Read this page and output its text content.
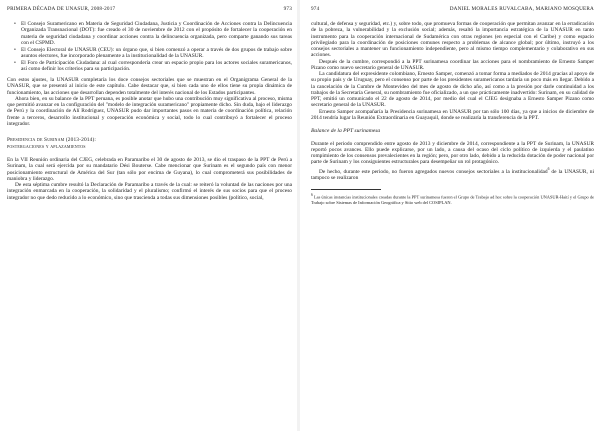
PRIMERA DÉCADA DE UNASUR, 2008-2017	973
• El Consejo Suramericano en Materia de Seguridad Ciudadana, Justicia y Coordinación de Acciones contra la Delincuencia Organizada Transnacional (DOT): fue creado el 30 de noviembre de 2012 con el propósito de fortalecer la cooperación en materia de seguridad ciudadana y coordinar acciones contra la delincuencia organizada, pero comparte ganando sus tareas con el CSPMD.
• El Consejo Electoral de UNASUR (CEU): un órgano que, si bien comenzó a operar a través de dos grupos de trabajo sobre asuntos electores, fue incorporado plenamente a la institucionalidad de la UNASUR.
• El Foro de Participación Ciudadana: al cual correspondería crear un espacio propio para los actores sociales suramericanos, así como definir los criterios para su participación.

Con estos ajustes, la UNASUR completaría los doce consejos sectoriales que se muestran en el Organigrama General de la UNASUR, que se presentó al inicio de este capítulo. Cabe destacar que, si bien cada uno de ellos tiene su propia dinámica de funcionamiento, las acciones que desarrollan dependen totalmente del interés nacional de los Estados participantes.

Ahora bien, en su balance de la PPT peruana, es posible anotar que hubo una contribución muy significativa al proceso, misma que permitió avanzar en la configuración del "modelo de integración suramericano" propiamente dicho. Sin duda, bajo el liderazgo de Perú y la coordinación de Alí Rodríguez, UNASUR pudo dar importantes pasos en materia de coordinación política, relación frente a terceros, desarrollo institucional y cooperación económica y social, todo lo cual contribuyó a fortalecer el proceso integrador.

Presidencia de Surinam (2013-2014):
postergaciones y aplazamientos

En la VII Reunión ordinaria del CJEG, celebrada en Paramaribo el 30 de agosto de 2013, se dio el traspaso de la PPT de Perú a Surinam, la cual será ejercida por su mandatario Dési Bouterse. Cabe mencionar que Surinam es el segundo país con menor posicionamiento estructural de América del Sur (tan sólo por encima de Guyana), lo cual comprometerá sus posibilidades de maniobra y liderazgo.

De esta séptima cumbre resultó la Declaración de Paramaribo a través de la cual: se reiteró la voluntad de las naciones por una integración enmarcada en la cooperación, la solidaridad y el pluralismo; confirmó el interés de sus socios para que el proceso integrador no que dedo reducido a lo económico, sino que trascienda a todas sus dimensiones posibles (político, social,

974	DANIEL MORALES RUVALCABA, MARIANO MOSQUERA

cultural, de defensa y seguridad, etc.) y, sobre todo, que promueva formas de cooperación que permitan avanzar en la erradicación de la pobreza, la vulnerabilidad y la exclusión social; además, resaltó la importancia estratégica de la UNASUR en tanto instrumento para la cooperación internacional de Sudamérica con otras regiones (en especial con el Caribe) y como espacio privilegiado para la coordinación de posiciones comunes respecto a problemas de alcance global; por último, instruyó a los consejos sectoriales a mantener un funcionamiento independiente, pero al mismo tiempo complementario y colaborativo en sus acciones.

Después de la cumbre, correspondió a la PPT surinamesa coordinar las acciones para el nombramiento de Ernesto Samper Pizano como nuevo secretario general de UNASUR.

La candidatura del expresidente colombiano, Ernesto Samper, comenzó a tomar forma a mediados de 2014 gracias al apoyo de su propio país y de Uruguay, pero el consenso por parte de los presidentes suramericanos tardaría un poco más en llegar. Debido a la cancelación de la Cumbre de Montevideo del mes de agosto de dicho año, así como a la presión por darle continuidad a los trabajos de la Secretaría General, su nombramiento fue oficializado, a un que prácticamente inadvertido: Surinam, en su calidad de PPT, emitió un comunicado el 22 de agosto de 2014, por medio del cual el CJEG designaba a Ernesto Samper Pizano como secretario general de la UNASUR.

Ernesto Samper acompañaría la Presidencia surinamesa en UNASUR por tan sólo 100 días, ya que a inicios de diciembre de 2014 tendría lugar la Reunión Extraordinaria en Guayaquil, donde se realizaría la transferencia de la PPT.

Balance de la PPT surinamesa

Durante el periodo comprendido entre agosto de 2013 y diciembre de 2014, correspondiente a la PPT de Surinam, la UNASUR reportó pocos avances. Ello puede explicarse, por un lado, a causa del ocaso del ciclo político de izquierda y el paulatino rompimiento de los consensos prevalecientes en la región; pero, por otro lado, debido a la reducida dotación de poder nacional por parte de Surinam y los consiguientes estructurales para desempeñar un rol protagónico.

De hecho, durante este periodo, no fueron agregados nuevos consejos sectoriales a la institucionalidad$^6$ de la UNASUR, ni tampoco se realizaron

$^6$ Las únicas instancias institucionales creadas durante la PPT surinamesa fueron el Grupo de Trabajo ad hoc sobre la cooperación UNASUR-Haití y el Grupo de Trabajo sobre Sistemas de Información Geográfica y Sitio web del COSIPLAN.
